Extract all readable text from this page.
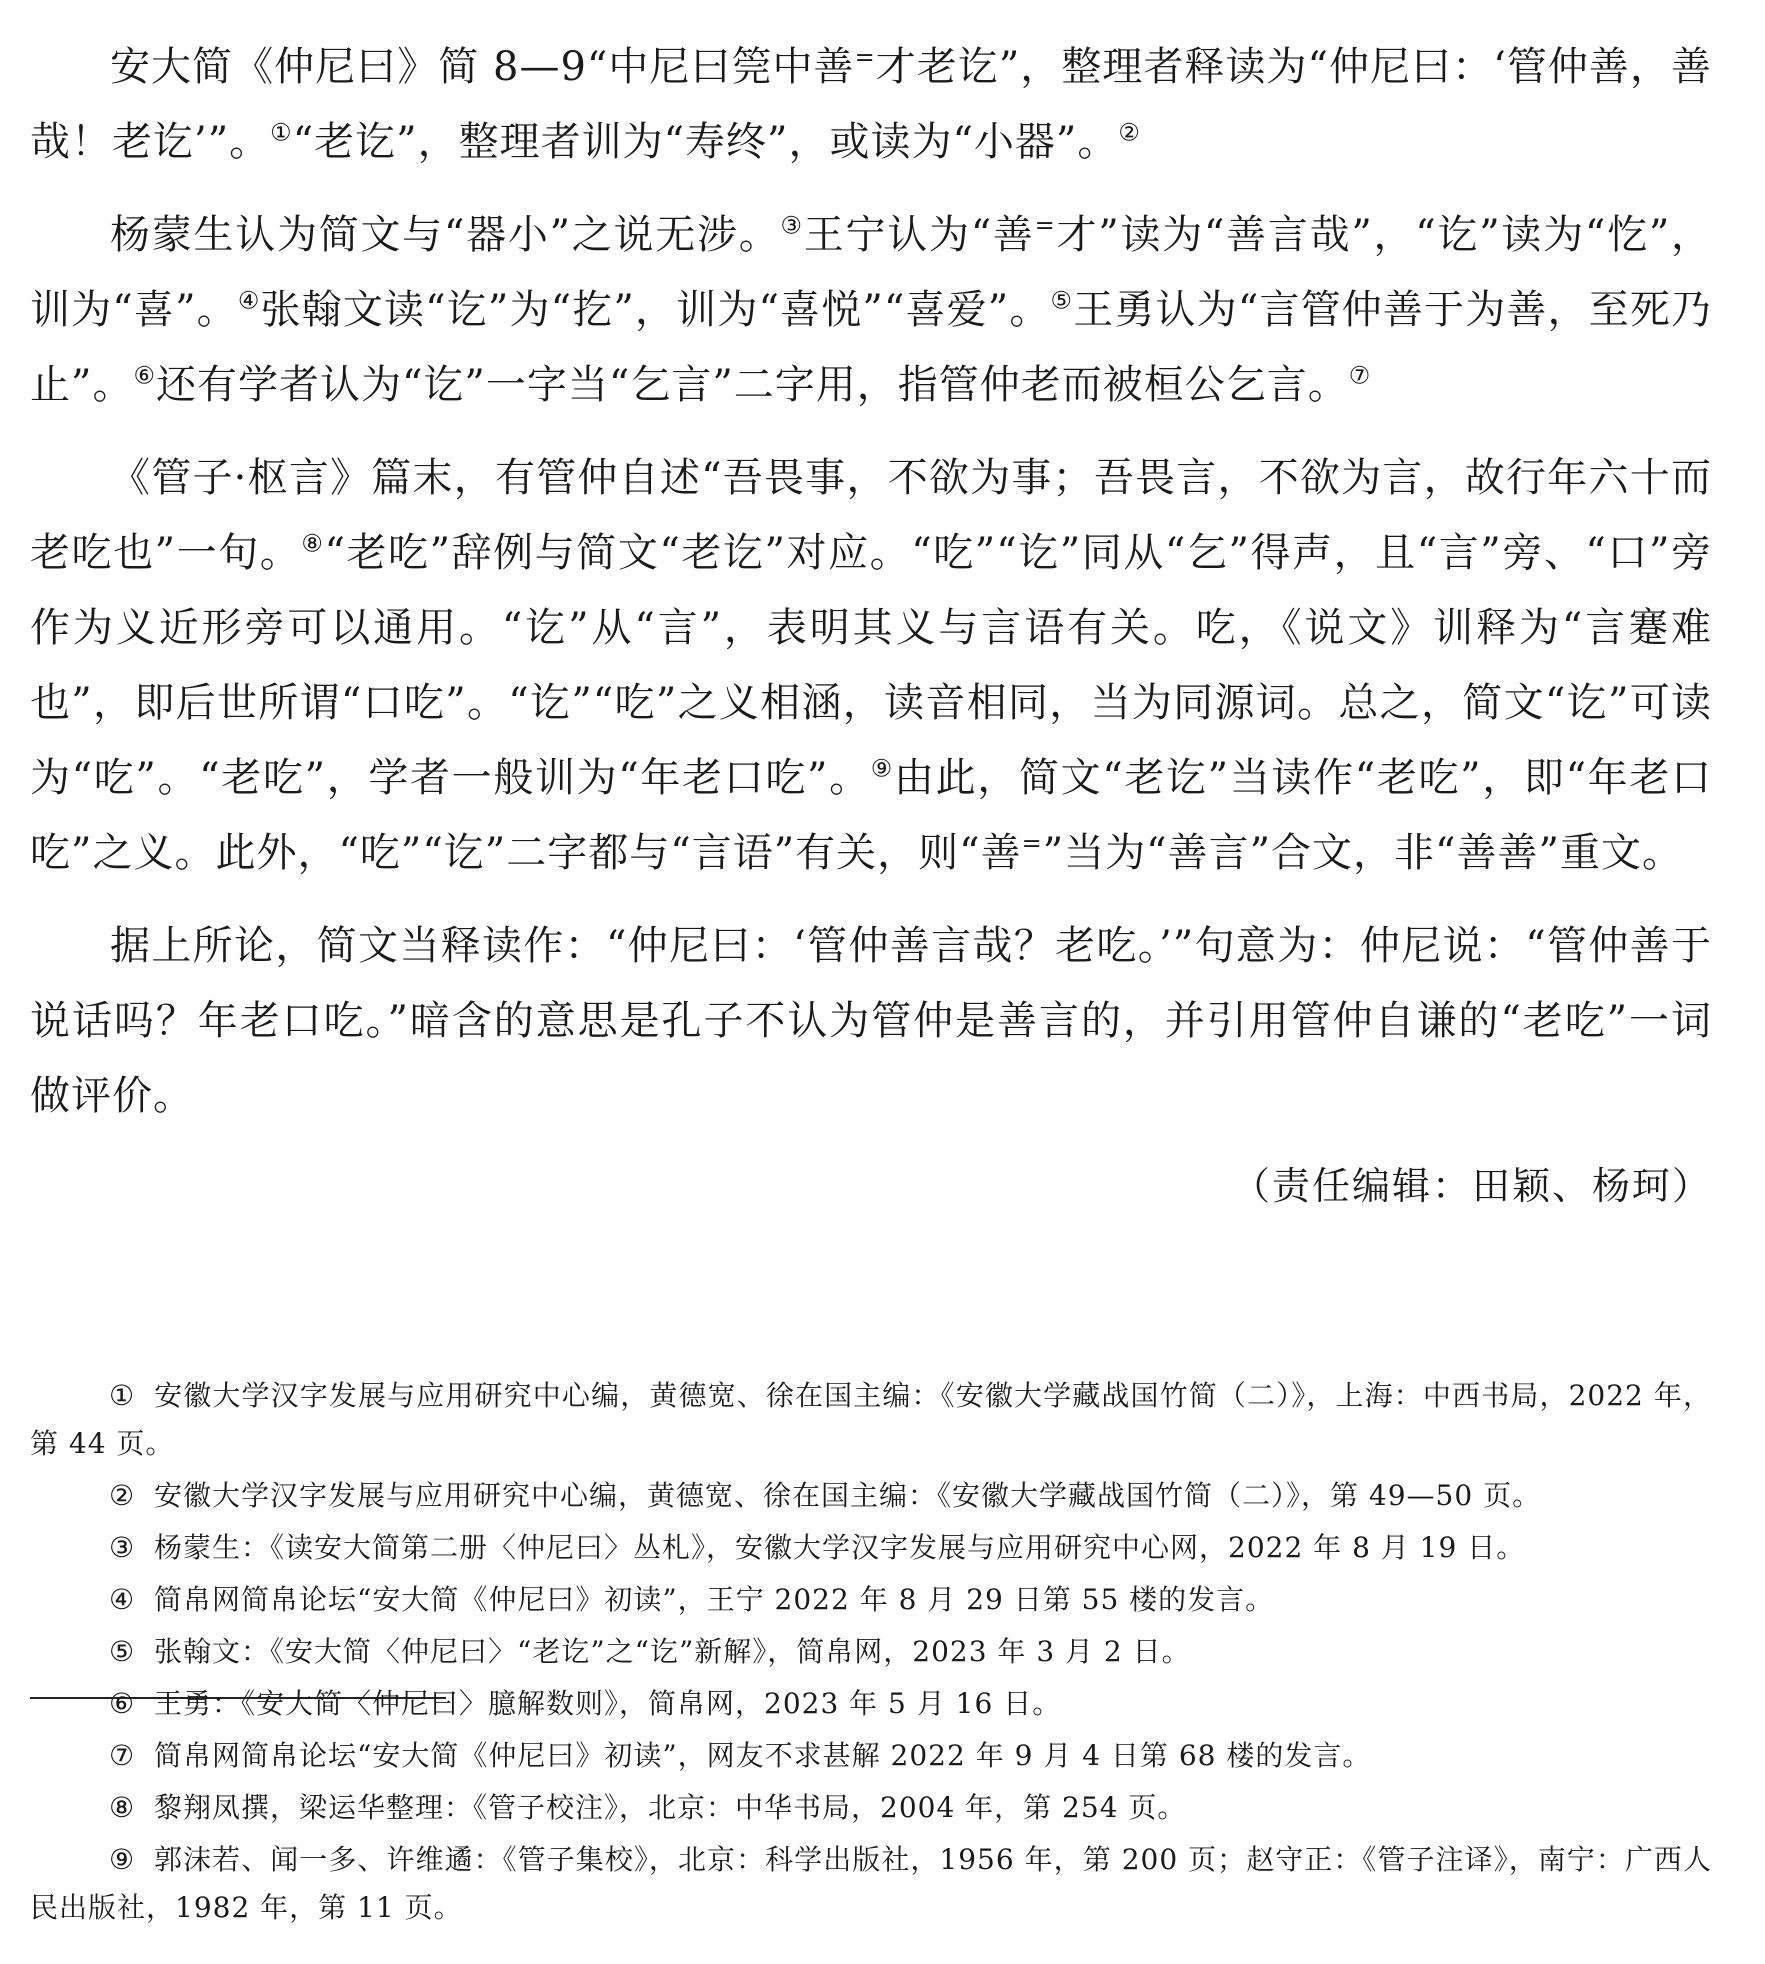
安大简《仲尼曰》简 8—9“中尼曰筦中善=才老讫”，整理者释读为“仲尼曰：‘管仲善，善哉！老讫’”。①“老讫”，整理者训为“寿终”，或读为“小器”。②

杨蒙生认为简文与“器小”之说无涉。③王宁认为“善=才”读为“善言哉”，“讫”读为“忔”，训为“喜”。④张翰文读“讫”为“扢”，训为“喜悦”“喜爱”。⑤王勇认为“言管仲善于为善，至死乃止”。⑥还有学者认为“讫”一字当“乞言”二字用，指管仲老而被桓公乞言。⑦

《管子·枢言》篇末，有管仲自述“吾畏事，不欲为事；吾畏言，不欲为言，故行年六十而老吃也”一句。⑧“老吃”辞例与简文“老讫”对应。“吃”“讫”同从“乞”得声，且“言”旁、“口”旁作为义近形旁可以通用。“讫”从“言”，表明其义与言语有关。吃，《说文》训释为“言蹇难也”，即后世所谓“口吃”。“讫”“吃”之义相涵，读音相同，当为同源词。总之，简文“讫”可读为“吃”。“老吃”，学者一般训为“年老口吃”。⑨由此，简文“老讫”当读作“老吃”，即“年老口吃”之义。此外，“吃”“讫”二字都与“言语”有关，则“善=”当为“善言”合文，非“善善”重文。

据上所论，简文当释读作：“仲尼曰：‘管仲善言哉？老吃。’”句意为：仲尼说：“管仲善于说话吗？年老口吃。”暗含的意思是孔子不认为管仲是善言的，并引用管仲自谦的“老吃”一词做评价。

（责任编辑：田颖、杨珂）

① 安徽大学汉字发展与应用研究中心编，黄德宽、徐在国主编：《安徽大学藏战国竹简（二）》，上海：中西书局，2022 年，第 44 页。

② 安徽大学汉字发展与应用研究中心编，黄德宽、徐在国主编：《安徽大学藏战国竹简（二）》，第 49—50 页。

③ 杨蒙生：《读安大简第二册〈仲尼曰〉丛札》，安徽大学汉字发展与应用研究中心网，2022 年 8 月 19 日。

④ 简帛网简帛论坛“安大简《仲尼曰》初读”，王宁 2022 年 8 月 29 日第 55 楼的发言。

⑤ 张翰文：《安大简〈仲尼曰〉“老讫”之“讫”新解》，简帛网，2023 年 3 月 2 日。

⑥ 王勇：《安大简〈仲尼曰〉臆解数则》，简帛网，2023 年 5 月 16 日。

⑦ 简帛网简帛论坛“安大简《仲尼曰》初读”，网友不求甚解 2022 年 9 月 4 日第 68 楼的发言。

⑧ 黎翔凤撰，梁运华整理：《管子校注》，北京：中华书局，2004 年，第 254 页。

⑨ 郭沫若、闻一多、许维遹：《管子集校》，北京：科学出版社，1956 年，第 200 页；赵守正：《管子注译》，南宁：广西人民出版社，1982 年，第 11 页。
